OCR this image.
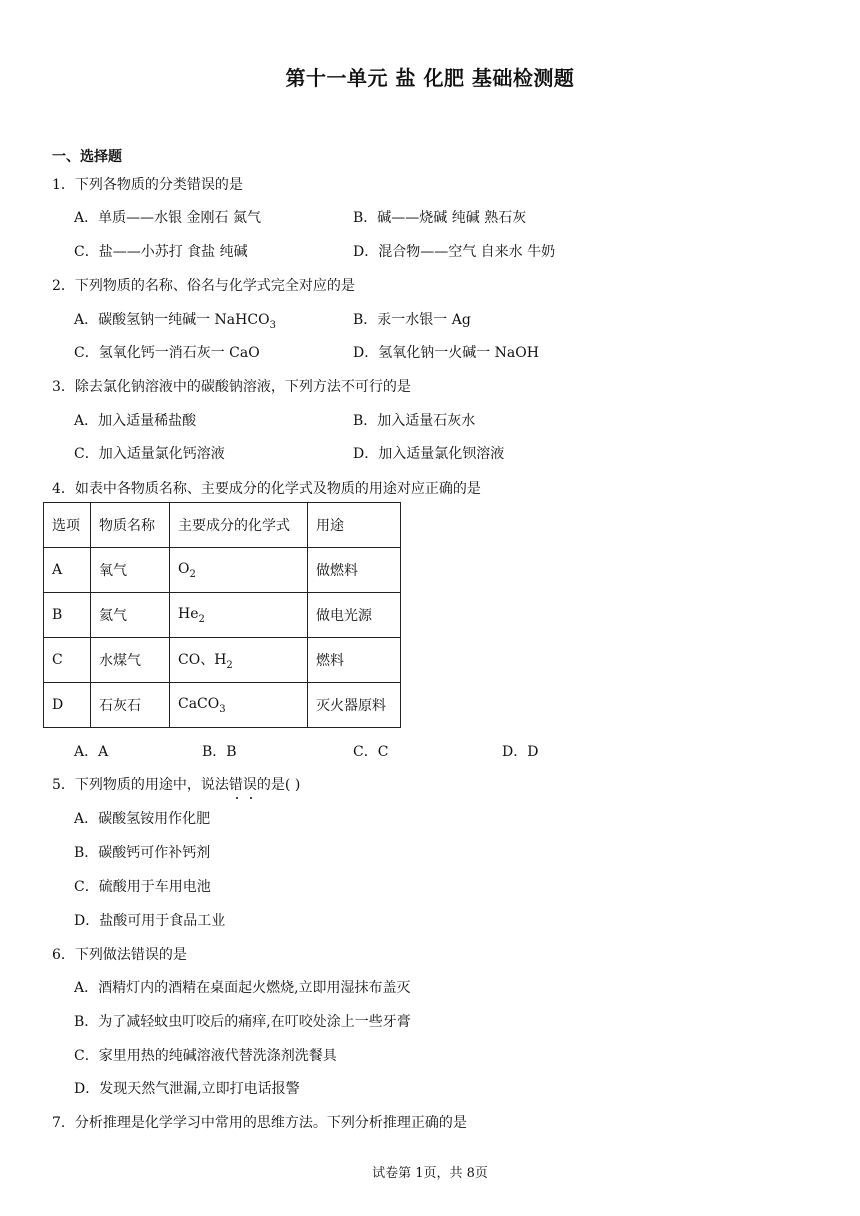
第十一单元 盐 化肥 基础检测题
一、选择题
1．下列各物质的分类错误的是
A．单质——水银 金刚石 氮气	B．碱——烧碱 纯碱 熟石灰
C．盐——小苏打 食盐 纯碱	D．混合物——空气 自来水 牛奶
2．下列物质的名称、俗名与化学式完全对应的是
A．碳酸氢钠一纯碱一 NaHCO$_3$	B．汞一水银一 Ag
C．氢氧化钙一消石灰一 CaO	D．氢氧化钠一火碱一 NaOH
3．除去氯化钠溶液中的碳酸钠溶液，下列方法不可行的是
A．加入适量稀盐酸	B．加入适量石灰水
C．加入适量氯化钙溶液	D．加入适量氯化钡溶液
4．如表中各物质名称、主要成分的化学式及物质的用途对应正确的是
选项	物质名称	主要成分的化学式	用途
A	氧气	$O_2$	做燃料
B	氦气	$He_2$	做电光源
C	水煤气	CO、$H_2$	燃料
D	石灰石	CaCO$_3$	灭火器原料
A．A	B．B	C．C	D．D
5．下列物质的用途中，说法错误的是( )
A．碳酸氢铵用作化肥
B．碳酸钙可作补钙剂
C．硫酸用于车用电池
D．盐酸可用于食品工业
6．下列做法错误的是
A．酒精灯内的酒精在桌面起火燃烧,立即用湿抹布盖灭
B．为了减轻蚊虫叮咬后的痛痒,在叮咬处涂上一些牙膏
C．家里用热的纯碱溶液代替洗涤剂洗餐具
D．发现天然气泄漏,立即打电话报警
7．分析推理是化学学习中常用的思维方法。下列分析推理正确的是
试卷第 1页，共 8页
